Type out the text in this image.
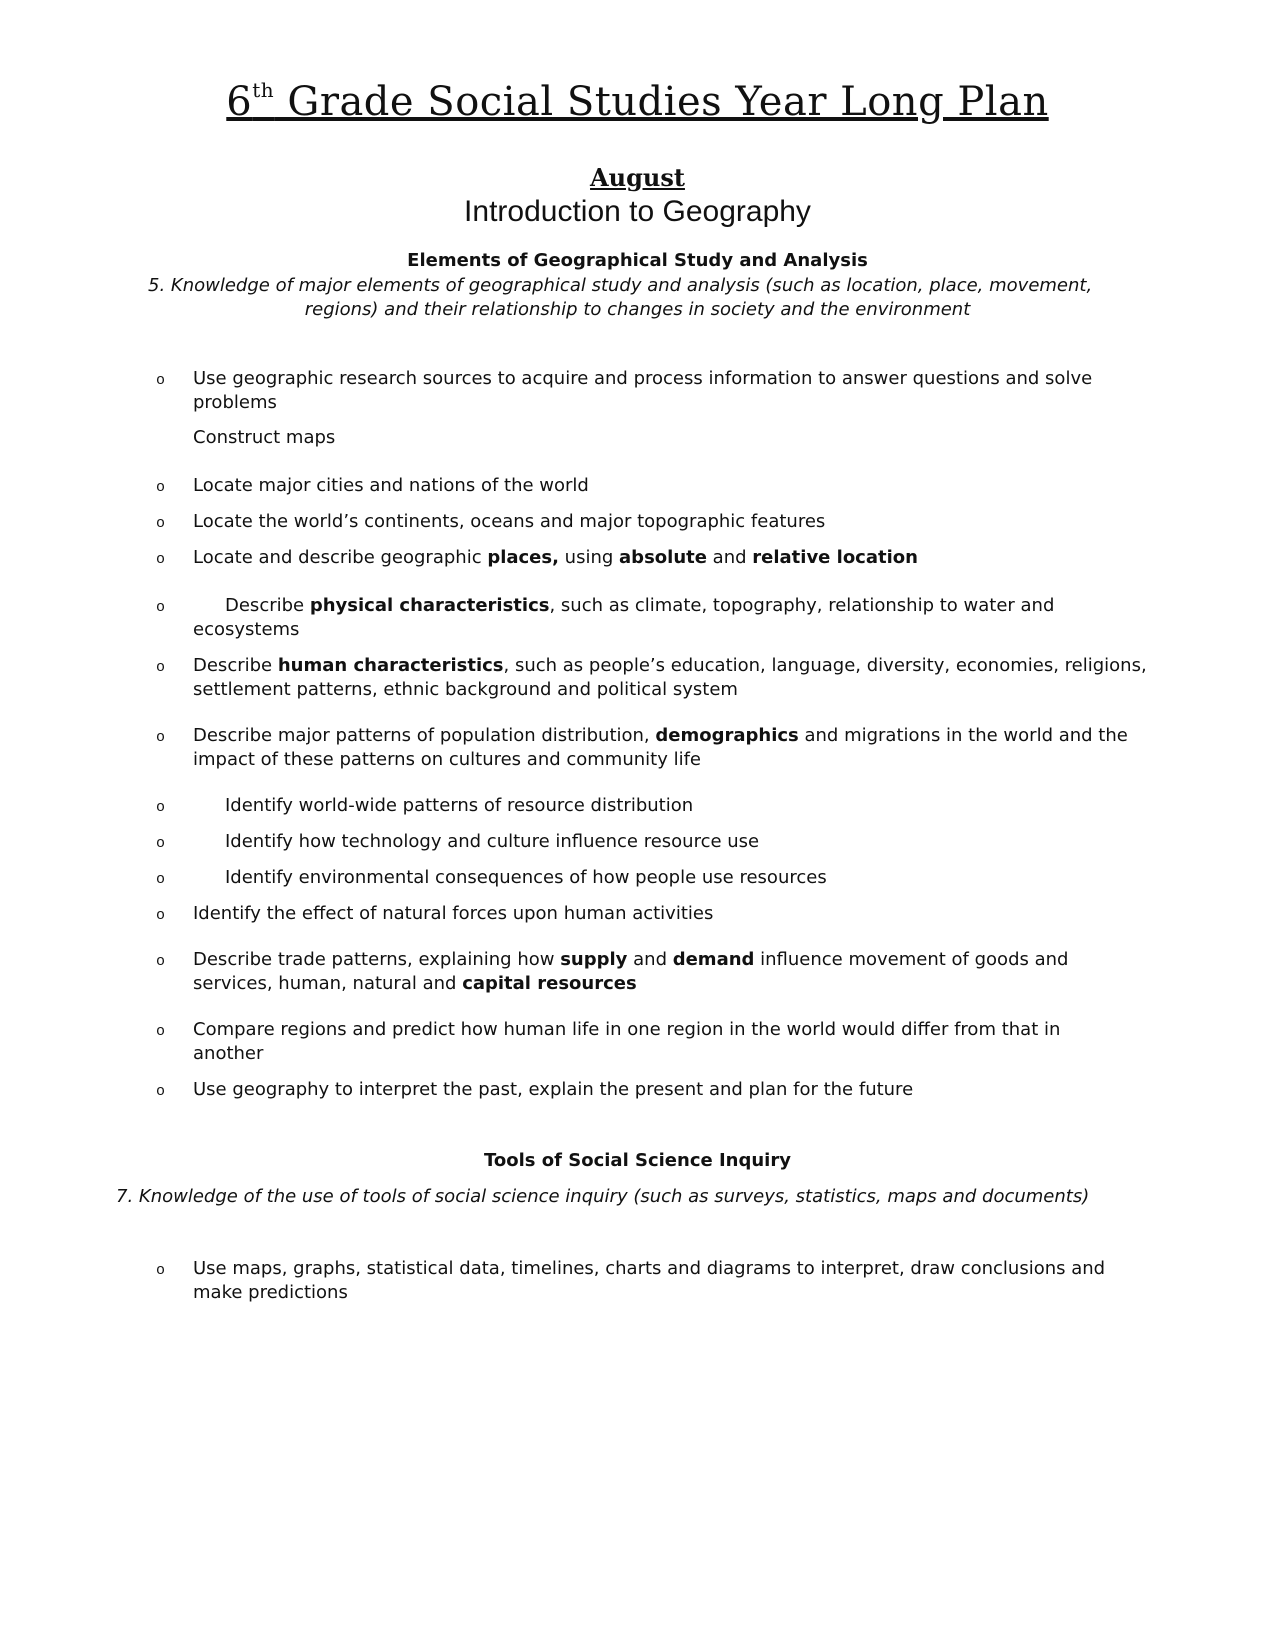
6th Grade Social Studies Year Long Plan
August
Introduction to Geography
Elements of Geographical Study and Analysis
5. Knowledge of major elements of geographical study and analysis (such as location, place, movement,
regions) and their relationship to changes in society and the environment
o Use geographic research sources to acquire and process information to answer questions and solve problems
Construct maps
o Locate major cities and nations of the world
o Locate the world’s continents, oceans and major topographic features
o Locate and describe geographic places, using absolute and relative location
o	Describe physical characteristics, such as climate, topography, relationship to water and ecosystems
o Describe human characteristics, such as people’s education, language, diversity, economies, religions, settlement patterns, ethnic background and political system
o Describe major patterns of population distribution, demographics and migrations in the world and the impact of these patterns on cultures and community life
o	Identify world-wide patterns of resource distribution
o	Identify how technology and culture influence resource use
o	Identify environmental consequences of how people use resources
o Identify the effect of natural forces upon human activities
o Describe trade patterns, explaining how supply and demand influence movement of goods and services, human, natural and capital resources
o Compare regions and predict how human life in one region in the world would differ from that in another
o Use geography to interpret the past, explain the present and plan for the future
Tools of Social Science Inquiry
7. Knowledge of the use of tools of social science inquiry (such as surveys, statistics, maps and documents)
o Use maps, graphs, statistical data, timelines, charts and diagrams to interpret, draw conclusions and make predictions
